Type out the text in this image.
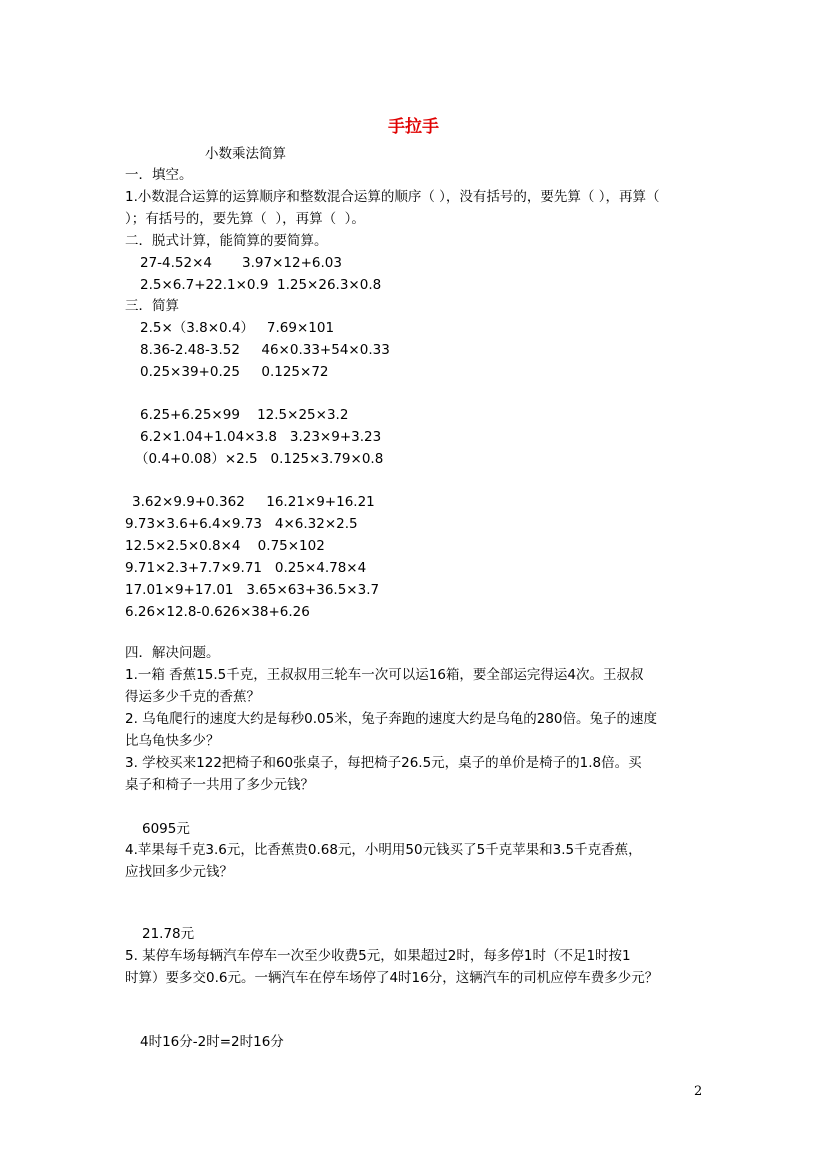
手拉手
小数乘法简算
一．填空。
1.小数混合运算的运算顺序和整数混合运算的顺序（ ），没有括号的，要先算（ ），再算（
）；有括号的，要先算（  ），再算（  ）。
二．脱式计算，能简算的要简算。
27-4.52×4       3.97×12+6.03
2.5×6.7+22.1×0.9  1.25×26.3×0.8
三．简算
2.5×（3.8×0.4）   7.69×101
8.36-2.48-3.52     46×0.33+54×0.33
0.25×39+0.25     0.125×72
6.25+6.25×99    12.5×25×3.2
6.2×1.04+1.04×3.8   3.23×9+3.23
（0.4+0.08）×2.5   0.125×3.79×0.8
3.62×9.9+0.362     16.21×9+16.21
9.73×3.6+6.4×9.73   4×6.32×2.5
12.5×2.5×0.8×4    0.75×102
9.71×2.3+7.7×9.71   0.25×4.78×4
17.01×9+17.01   3.65×63+36.5×3.7
6.26×12.8-0.626×38+6.26
四．解决问题。
1.一箱 香蕉15.5千克，王叔叔用三轮车一次可以运16箱，要全部运完得运4次。王叔叔
得运多少千克的香蕉？
2. 乌龟爬行的速度大约是每秒0.05米，兔子奔跑的速度大约是乌龟的280倍。兔子的速度
比乌龟快多少？
3. 学校买来122把椅子和60张桌子，每把椅子26.5元，桌子的单价是椅子的1.8倍。买
桌子和椅子一共用了多少元钱？
6095元
4.苹果每千克3.6元，比香蕉贵0.68元，小明用50元钱买了5千克苹果和3.5千克香蕉，
应找回多少元钱？
21.78元
5. 某停车场每辆汽车停车一次至少收费5元，如果超过2时，每多停1时（不足1时按1
时算）要多交0.6元。一辆汽车在停车场停了4时16分，这辆汽车的司机应停车费多少元？
4时16分-2时=2时16分
2
